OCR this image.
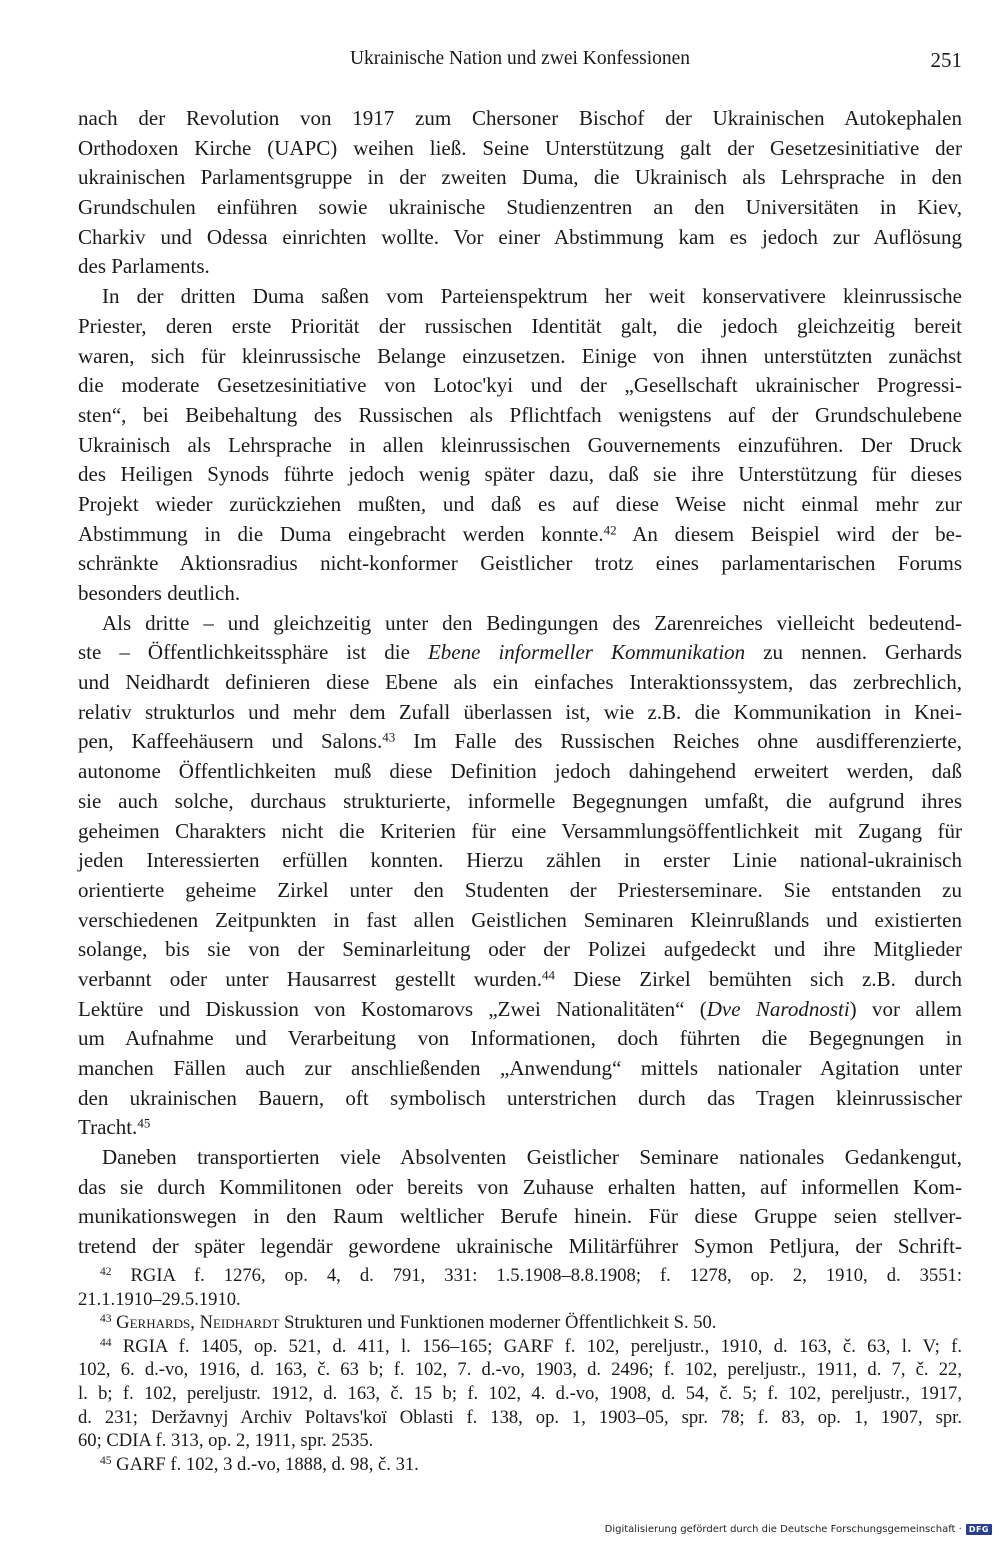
Ukrainische Nation und zwei Konfessionen	251
nach der Revolution von 1917 zum Chersoner Bischof der Ukrainischen Autokephalen
Orthodoxen Kirche (UAPC) weihen ließ. Seine Unterstützung galt der Gesetzesinitiative der
ukrainischen Parlamentsgruppe in der zweiten Duma, die Ukrainisch als Lehrsprache in den
Grundschulen einführen sowie ukrainische Studienzentren an den Universitäten in Kiev,
Charkiv und Odessa einrichten wollte. Vor einer Abstimmung kam es jedoch zur Auflösung
des Parlaments.
In der dritten Duma saßen vom Parteienspektrum her weit konservativere kleinrussische
Priester, deren erste Priorität der russischen Identität galt, die jedoch gleichzeitig bereit
waren, sich für kleinrussische Belange einzusetzen. Einige von ihnen unterstützten zunächst
die moderate Gesetzesinitiative von Lotoc'kyi und der „Gesellschaft ukrainischer Progressi-
sten“, bei Beibehaltung des Russischen als Pflichtfach wenigstens auf der Grundschulebene
Ukrainisch als Lehrsprache in allen kleinrussischen Gouvernements einzuführen. Der Druck
des Heiligen Synods führte jedoch wenig später dazu, daß sie ihre Unterstützung für dieses
Projekt wieder zurückziehen mußten, und daß es auf diese Weise nicht einmal mehr zur
Abstimmung in die Duma eingebracht werden konnte.$^{42}$ An diesem Beispiel wird der be-
schränkte Aktionsradius nicht-konformer Geistlicher trotz eines parlamentarischen Forums
besonders deutlich.
Als dritte – und gleichzeitig unter den Bedingungen des Zarenreiches vielleicht bedeutend-
ste – Öffentlichkeitssphäre ist die Ebene informeller Kommunikation zu nennen. Gerhards
und Neidhardt definieren diese Ebene als ein einfaches Interaktionssystem, das zerbrechlich,
relativ strukturlos und mehr dem Zufall überlassen ist, wie z.B. die Kommunikation in Knei-
pen, Kaffeehäusern und Salons.$^{43}$ Im Falle des Russischen Reiches ohne ausdifferenzierte,
autonome Öffentlichkeiten muß diese Definition jedoch dahingehend erweitert werden, daß
sie auch solche, durchaus strukturierte, informelle Begegnungen umfaßt, die aufgrund ihres
geheimen Charakters nicht die Kriterien für eine Versammlungsöffentlichkeit mit Zugang für
jeden Interessierten erfüllen konnten. Hierzu zählen in erster Linie national-ukrainisch
orientierte geheime Zirkel unter den Studenten der Priesterseminare. Sie entstanden zu
verschiedenen Zeitpunkten in fast allen Geistlichen Seminaren Kleinrußlands und existierten
solange, bis sie von der Seminarleitung oder der Polizei aufgedeckt und ihre Mitglieder
verbannt oder unter Hausarrest gestellt wurden.$^{44}$ Diese Zirkel bemühten sich z.B. durch
Lektüre und Diskussion von Kostomarovs „Zwei Nationalitäten“ (Dve Narodnosti) vor allem
um Aufnahme und Verarbeitung von Informationen, doch führten die Begegnungen in
manchen Fällen auch zur anschließenden „Anwendung“ mittels nationaler Agitation unter
den ukrainischen Bauern, oft symbolisch unterstrichen durch das Tragen kleinrussischer
Tracht.$^{45}$
Daneben transportierten viele Absolventen Geistlicher Seminare nationales Gedankengut,
das sie durch Kommilitonen oder bereits von Zuhause erhalten hatten, auf informellen Kom-
munikationswegen in den Raum weltlicher Berufe hinein. Für diese Gruppe seien stellver-
tretend der später legendär gewordene ukrainische Militärführer Symon Petljura, der Schrift-
$^{42}$ RGIA f. 1276, op. 4, d. 791, 331: 1.5.1908–8.8.1908; f. 1278, op. 2, 1910, d. 3551:
21.1.1910–29.5.1910.
$^{43}$ Gerhards, Neidhardt Strukturen und Funktionen moderner Öffentlichkeit S. 50.
$^{44}$ RGIA f. 1405, op. 521, d. 411, l. 156–165; GARF f. 102, pereljustr., 1910, d. 163, č. 63, l. V; f.
102, 6. d.-vo, 1916, d. 163, č. 63 b; f. 102, 7. d.-vo, 1903, d. 2496; f. 102, pereljustr., 1911, d. 7, č. 22,
l. b; f. 102, pereljustr. 1912, d. 163, č. 15 b; f. 102, 4. d.-vo, 1908, d. 54, č. 5; f. 102, pereljustr., 1917,
d. 231; Deržavnyj Archiv Poltavs'koï Oblasti f. 138, op. 1, 1903–05, spr. 78; f. 83, op. 1, 1907, spr.
60; CDIA f. 313, op. 2, 1911, spr. 2535.
$^{45}$ GARF f. 102, 3 d.-vo, 1888, d. 98, č. 31.
Digitalisierung gefördert durch die Deutsche Forschungsgemeinschaft · DFG
